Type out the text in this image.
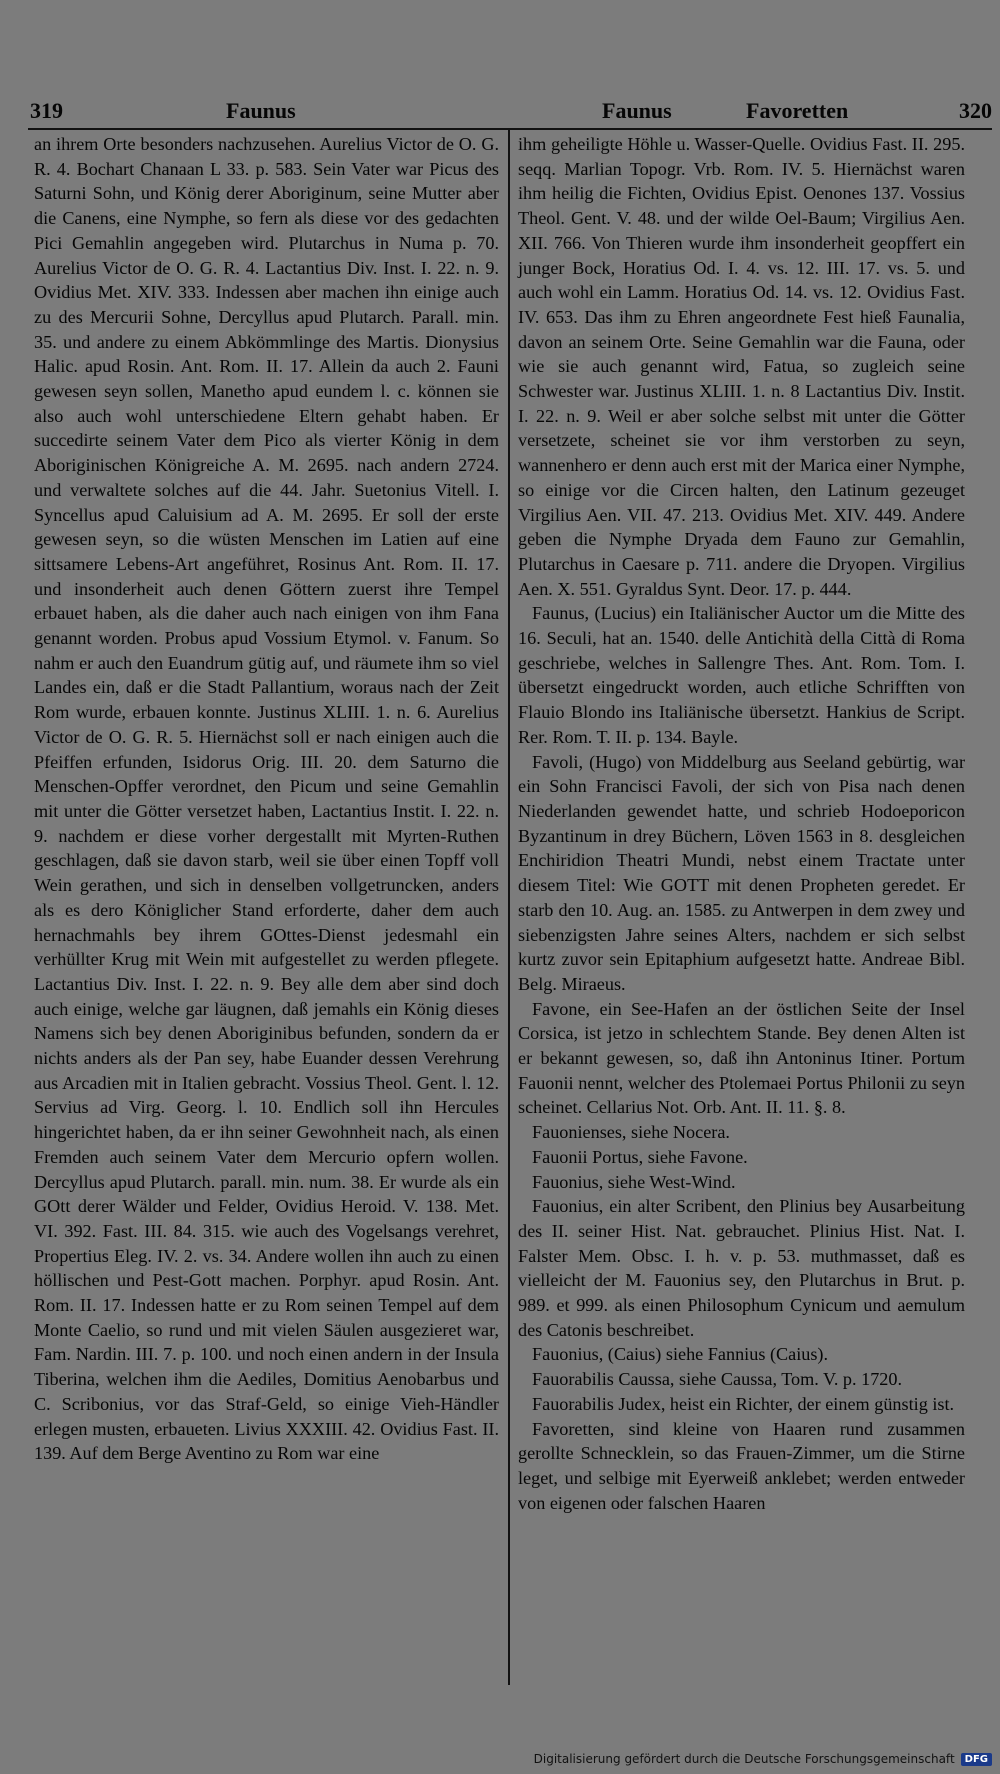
319	Faunus	Faunus	Favoretten	320

an ihrem Orte besonders nachzusehen. Aurelius Victor de O. G. R. 4. Bochart Chanaan L 33. p. 583. Sein Vater war Picus des Saturni Sohn, und König derer Aboriginum, seine Mutter aber die Canens, eine Nymphe, so fern als diese vor des gedachten Pici Gemahlin angegeben wird. Plutarchus in Numa p. 70. Aurelius Victor de O. G. R. 4. Lactantius Div. Inst. I. 22. n. 9. Ovidius Met. XIV. 333. Indessen aber machen ihn einige auch zu des Mercurii Sohne, Dercyllus apud Plutarch. Parall. min. 35. und andere zu einem Abkömmlinge des Martis. Dionysius Halic. apud Rosin. Ant. Rom. II. 17. Allein da auch 2. Fauni gewesen seyn sollen, Manetho apud eundem l. c. können sie also auch wohl unterschiedene Eltern gehabt haben. Er succedirte seinem Vater dem Pico als vierter König in dem Aboriginischen Königreiche A. M. 2695. nach andern 2724. und verwaltete solches auf die 44. Jahr. Suetonius Vitell. I. Syncellus apud Caluisium ad A. M. 2695. Er soll der erste gewesen seyn, so die wüsten Menschen im Latien auf eine sittsamere Lebens-Art angeführet, Rosinus Ant. Rom. II. 17. und insonderheit auch denen Göttern zuerst ihre Tempel erbauet haben, als die daher auch nach einigen von ihm Fana genannt worden. Probus apud Vossium Etymol. v. Fanum. So nahm er auch den Euandrum gütig auf, und räumete ihm so viel Landes ein, daß er die Stadt Pallantium, woraus nach der Zeit Rom wurde, erbauen konnte. Justinus XLIII. 1. n. 6. Aurelius Victor de O. G. R. 5. Hiernächst soll er nach einigen auch die Pfeiffen erfunden, Isidorus Orig. III. 20. dem Saturno die Menschen-Opffer verordnet, den Picum und seine Gemahlin mit unter die Götter versetzet haben, Lactantius Instit. I. 22. n. 9. nachdem er diese vorher dergestallt mit Myrten-Ruthen geschlagen, daß sie davon starb, weil sie über einen Topff voll Wein gerathen, und sich in denselben vollgetruncken, anders als es dero Königlicher Stand erforderte, daher dem auch hernachmahls bey ihrem GOttes-Dienst jedesmahl ein verhüllter Krug mit Wein mit aufgestellet zu werden pflegete. Lactantius Div. Inst. I. 22. n. 9. Bey alle dem aber sind doch auch einige, welche gar läugnen, daß jemahls ein König dieses Namens sich bey denen Aboriginibus befunden, sondern da er nichts anders als der Pan sey, habe Euander dessen Verehrung aus Arcadien mit in Italien gebracht. Vossius Theol. Gent. l. 12. Servius ad Virg. Georg. l. 10. Endlich soll ihn Hercules hingerichtet haben, da er ihn seiner Gewohnheit nach, als einen Fremden auch seinem Vater dem Mercurio opfern wollen. Dercyllus apud Plutarch. parall. min. num. 38. Er wurde als ein GOtt derer Wälder und Felder, Ovidius Heroid. V. 138. Met. VI. 392. Fast. III. 84. 315. wie auch des Vogelsangs verehret, Propertius Eleg. IV. 2. vs. 34. Andere wollen ihn auch zu einen höllischen und Pest-Gott machen. Porphyr. apud Rosin. Ant. Rom. II. 17. Indessen hatte er zu Rom seinen Tempel auf dem Monte Caelio, so rund und mit vielen Säulen ausgezieret war, Fam. Nardin. III. 7. p. 100. und noch einen andern in der Insula Tiberina, welchen ihm die Aediles, Domitius Aenobarbus und C. Scribonius, vor das Straf-Geld, so einige Vieh-Händler erlegen musten, erbaueten. Livius XXXIII. 42. Ovidius Fast. II. 139. Auf dem Berge Aventino zu Rom war eine

ihm geheiligte Höhle u. Wasser-Quelle. Ovidius Fast. II. 295. seqq. Marlian Topogr. Vrb. Rom. IV. 5. Hiernächst waren ihm heilig die Fichten, Ovidius Epist. Oenones 137. Vossius Theol. Gent. V. 48. und der wilde Oel-Baum; Virgilius Aen. XII. 766. Von Thieren wurde ihm insonderheit geopffert ein junger Bock, Horatius Od. I. 4. vs. 12. III. 17. vs. 5. und auch wohl ein Lamm. Horatius Od. 14. vs. 12. Ovidius Fast. IV. 653. Das ihm zu Ehren angeordnete Fest hieß Faunalia, davon an seinem Orte. Seine Gemahlin war die Fauna, oder wie sie auch genannt wird, Fatua, so zugleich seine Schwester war. Justinus XLIII. 1. n. 8 Lactantius Div. Instit. I. 22. n. 9. Weil er aber solche selbst mit unter die Götter versetzete, scheinet sie vor ihm verstorben zu seyn, wannenhero er denn auch erst mit der Marica einer Nymphe, so einige vor die Circen halten, den Latinum gezeuget Virgilius Aen. VII. 47. 213. Ovidius Met. XIV. 449. Andere geben die Nymphe Dryada dem Fauno zur Gemahlin, Plutarchus in Caesare p. 711. andere die Dryopen. Virgilius Aen. X. 551. Gyraldus Synt. Deor. 17. p. 444.

Faunus, (Lucius) ein Italiänischer Auctor um die Mitte des 16. Seculi, hat an. 1540. delle Antichità della Città di Roma geschriebe, welches in Sallengre Thes. Ant. Rom. Tom. I. übersetzt eingedruckt worden, auch etliche Schrifften von Flauio Blondo ins Italiänische übersetzt. Hankius de Script. Rer. Rom. T. II. p. 134. Bayle.

Favoli, (Hugo) von Middelburg aus Seeland gebürtig, war ein Sohn Francisci Favoli, der sich von Pisa nach denen Niederlanden gewendet hatte, und schrieb Hodoeporicon Byzantinum in drey Büchern, Löven 1563 in 8. desgleichen Enchiridion Theatri Mundi, nebst einem Tractate unter diesem Titel: Wie GOTT mit denen Propheten geredet. Er starb den 10. Aug. an. 1585. zu Antwerpen in dem zwey und siebenzigsten Jahre seines Alters, nachdem er sich selbst kurtz zuvor sein Epitaphium aufgesetzt hatte. Andreae Bibl. Belg. Miraeus.

Favone, ein See-Hafen an der östlichen Seite der Insel Corsica, ist jetzo in schlechtem Stande. Bey denen Alten ist er bekannt gewesen, so, daß ihn Antoninus Itiner. Portum Fauonii nennt, welcher des Ptolemaei Portus Philonii zu seyn scheinet. Cellarius Not. Orb. Ant. II. 11. §. 8.

Fauonienses, siehe Nocera.

Fauonii Portus, siehe Favone.

Fauonius, siehe West-Wind.

Fauonius, ein alter Scribent, den Plinius bey Ausarbeitung des II. seiner Hist. Nat. gebrauchet. Plinius Hist. Nat. I. Falster Mem. Obsc. I. h. v. p. 53. muthmasset, daß es vielleicht der M. Fauonius sey, den Plutarchus in Brut. p. 989. et 999. als einen Philosophum Cynicum und aemulum des Catonis beschreibet.

Fauonius, (Caius) siehe Fannius (Caius).

Fauorabilis Caussa, siehe Caussa, Tom. V. p. 1720.

Fauorabilis Judex, heist ein Richter, der einem günstig ist.

Favoretten, sind kleine von Haaren rund zusammen gerollte Schnecklein, so das Frauen-Zimmer, um die Stirne leget, und selbige mit Eyerweiß anklebet; werden entweder von eigenen oder falschen Haaren

Digitalisierung gefördert durch die Deutsche Forschungsgemeinschaft	DFG
